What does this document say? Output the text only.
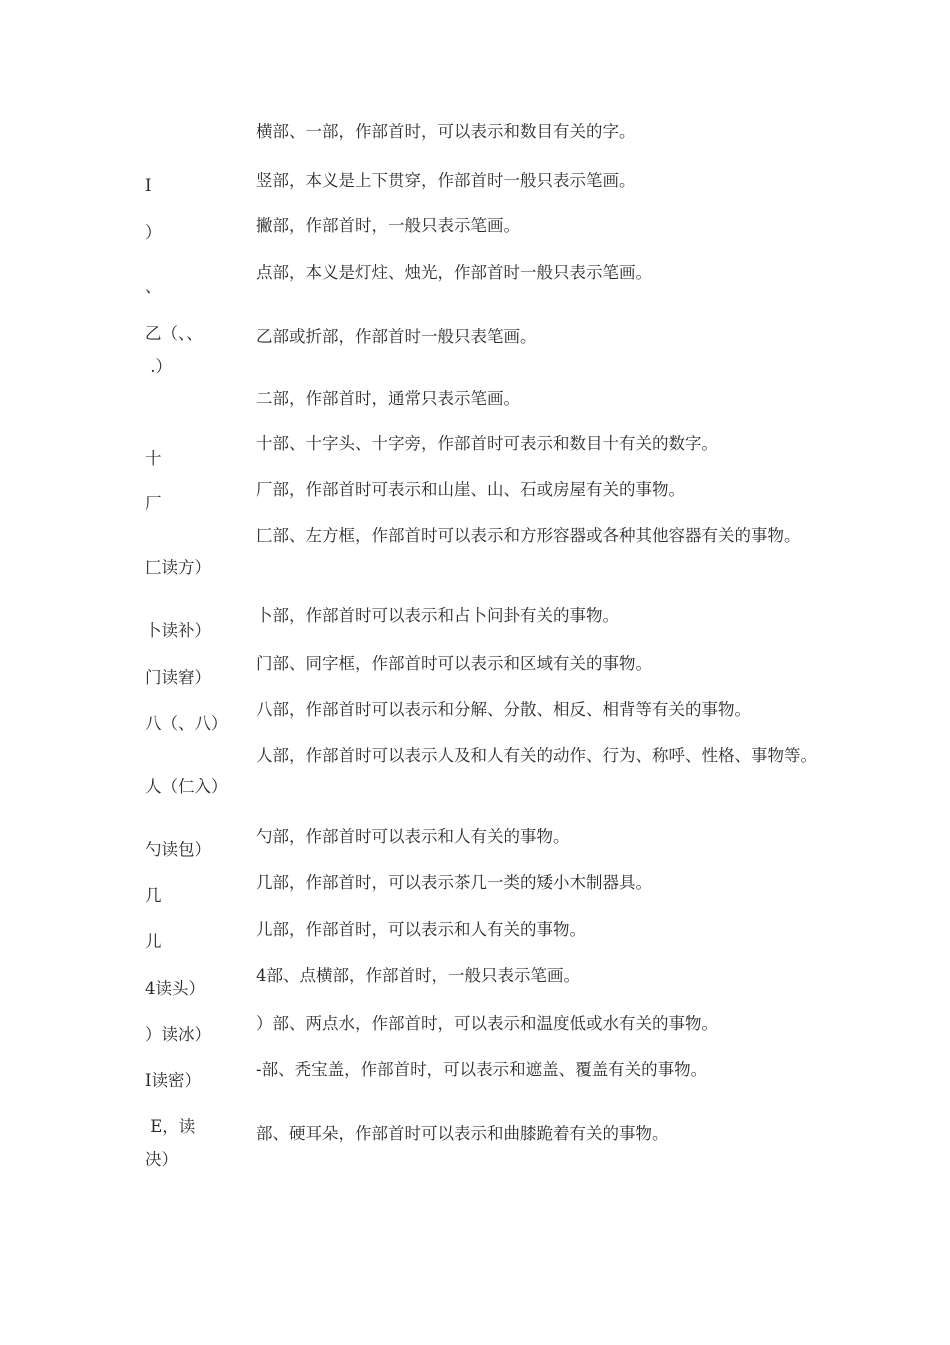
横部、一部，作部首时，可以表示和数目有关的字。
I	竖部，本义是上下贯穿，作部首时一般只表示笔画。
）	撇部，作部首时，一般只表示笔画。
、
点部，本义是灯炷、烛光，作部首时一般只表示笔画。
乙（、、
.）
乙部或折部，作部首时一般只表笔画。
二部，作部首时，通常只表示笔画。
十
十部、十字头、十字旁，作部首时可表示和数目十有关的数字。
厂
厂部，作部首时可表示和山崖、山、石或房屋有关的事物。
匚读方）
匚部、左方框，作部首时可以表示和方形容器或各种其他容器有关的事物。
卜读补）
卜部，作部首时可以表示和占卜问卦有关的事物。
门读窘）
门部、同字框，作部首时可以表示和区域有关的事物。
八（、八）
八部，作部首时可以表示和分解、分散、相反、相背等有关的事物。
人（仁入）
人部，作部首时可以表示人及和人有关的动作、行为、称呼、性格、事物等。
勺读包）
勺部，作部首时可以表示和人有关的事物。
几
几部，作部首时，可以表示茶几一类的矮小木制器具。
儿
儿部，作部首时，可以表示和人有关的事物。
4读头）
4部、点横部，作部首时，一般只表示笔画。
）读冰）
）部、两点水，作部首时，可以表示和温度低或水有关的事物。
I读密）
-部、秃宝盖，作部首时，可以表示和遮盖、覆盖有关的事物。
E，读
决）
部、硬耳朵，作部首时可以表示和曲膝跪着有关的事物。
